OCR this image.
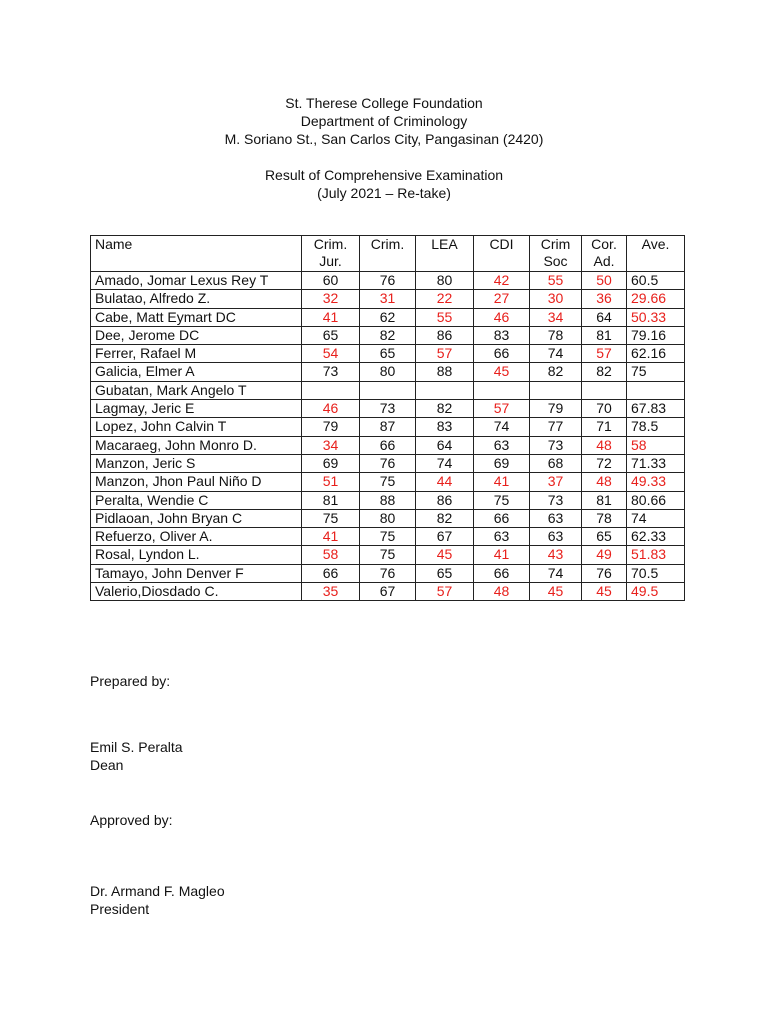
St. Therese College Foundation
Department of Criminology
M. Soriano St., San Carlos City, Pangasinan (2420)
Result of Comprehensive Examination
(July 2021 – Re-take)
Name	Crim. Jur.	Crim.	LEA	CDI	Crim Soc	Cor. Ad.	Ave.
Amado, Jomar Lexus Rey T	60	76	80	42	55	50	60.5
Bulatao, Alfredo Z.	32	31	22	27	30	36	29.66
Cabe, Matt Eymart DC	41	62	55	46	34	64	50.33
Dee, Jerome DC	65	82	86	83	78	81	79.16
Ferrer, Rafael M	54	65	57	66	74	57	62.16
Galicia, Elmer A	73	80	88	45	82	82	75
Gubatan, Mark Angelo T							
Lagmay, Jeric E	46	73	82	57	79	70	67.83
Lopez, John Calvin T	79	87	83	74	77	71	78.5
Macaraeg, John Monro D.	34	66	64	63	73	48	58
Manzon, Jeric S	69	76	74	69	68	72	71.33
Manzon, Jhon Paul Niño D	51	75	44	41	37	48	49.33
Peralta, Wendie C	81	88	86	75	73	81	80.66
Pidlaoan, John Bryan C	75	80	82	66	63	78	74
Refuerzo, Oliver A.	41	75	67	63	63	65	62.33
Rosal, Lyndon L.	58	75	45	41	43	49	51.83
Tamayo, John Denver F	66	76	65	66	74	76	70.5
Valerio,Diosdado C.	35	67	57	48	45	45	49.5
Prepared by:
Emil S. Peralta
Dean
Approved by:
Dr. Armand F. Magleo
President
